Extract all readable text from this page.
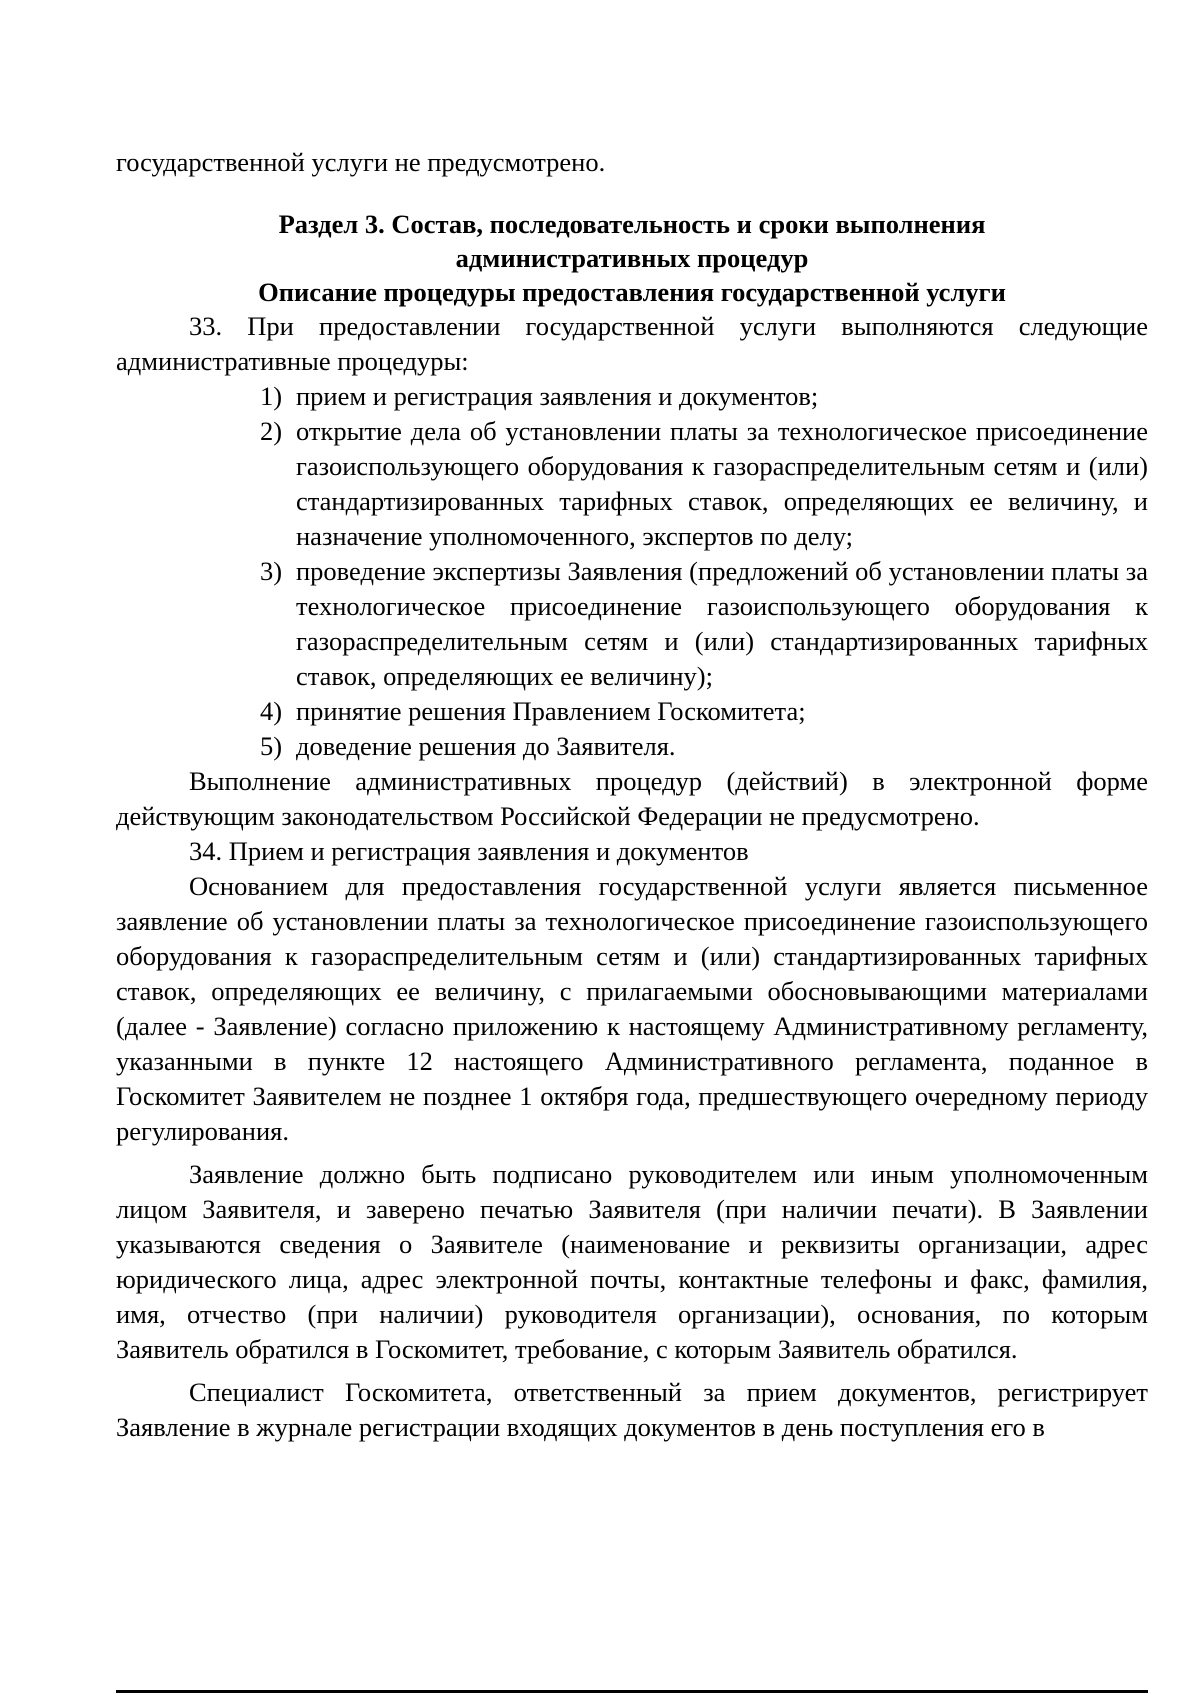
государственной услуги не предусмотрено.

Раздел 3. Состав, последовательность и сроки выполнения

административных процедур

Описание процедуры предоставления государственной услуги

33. При предоставлении государственной услуги выполняются следующие административные процедуры:

1) прием и регистрация заявления и документов;
2) открытие дела об установлении платы за технологическое присоединение газоиспользующего оборудования к газораспределительным сетям и (или) стандартизированных тарифных ставок, определяющих ее величину, и назначение уполномоченного, экспертов по делу;
3) проведение экспертизы Заявления (предложений об установлении платы за технологическое присоединение газоиспользующего оборудования к газораспределительным сетям и (или) стандартизированных тарифных ставок, определяющих ее величину);
4) принятие решения Правлением Госкомитета;
5) доведение решения до Заявителя.

Выполнение административных процедур (действий) в электронной форме действующим законодательством Российской Федерации не предусмотрено.

34. Прием и регистрация заявления и документов

Основанием для предоставления государственной услуги является письменное заявление об установлении платы за технологическое присоединение газоиспользующего оборудования к газораспределительным сетям и (или) стандартизированных тарифных ставок, определяющих ее величину, с прилагаемыми обосновывающими материалами (далее - Заявление) согласно приложению к настоящему Административному регламенту, указанными в пункте 12 настоящего Административного регламента, поданное в Госкомитет Заявителем не позднее 1 октября года, предшествующего очередному периоду регулирования.

Заявление должно быть подписано руководителем или иным уполномоченным лицом Заявителя, и заверено печатью Заявителя (при наличии печати). В Заявлении указываются сведения о Заявителе (наименование и реквизиты организации, адрес юридического лица, адрес электронной почты, контактные телефоны и факс, фамилия, имя, отчество (при наличии) руководителя организации), основания, по которым Заявитель обратился в Госкомитет, требование, с которым Заявитель обратился.

Специалист Госкомитета, ответственный за прием документов, регистрирует Заявление в журнале регистрации входящих документов в день поступления его в
